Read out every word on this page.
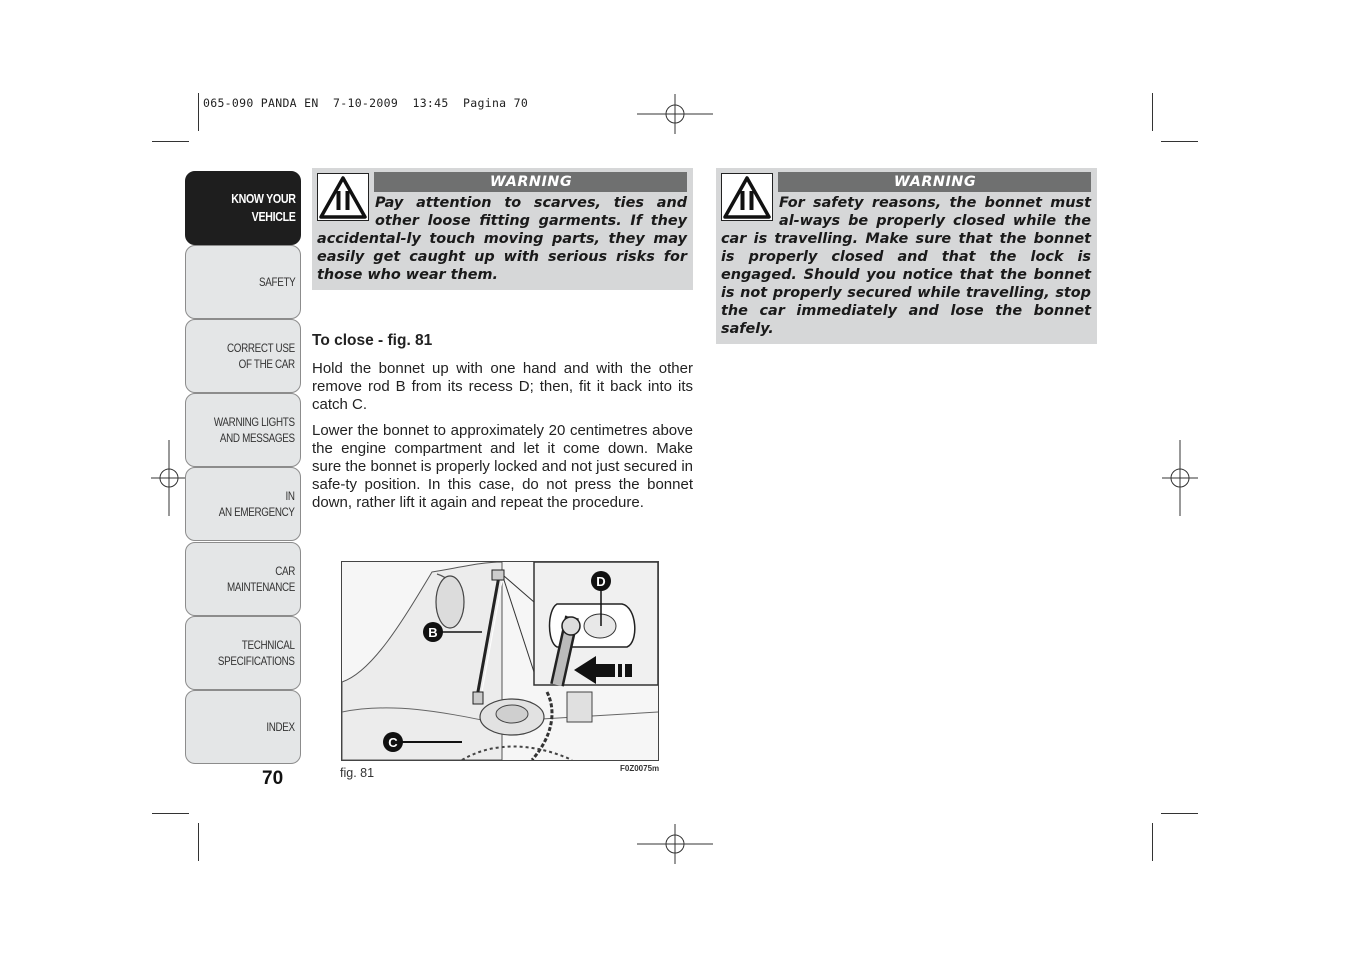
065-090 PANDA EN  7-10-2009  13:45  Pagina 70
KNOW YOUR
VEHICLE
SAFETY
CORRECT USE
OF THE CAR
WARNING LIGHTS
AND MESSAGES
IN
AN EMERGENCY
CAR
MAINTENANCE
TECHNICAL
SPECIFICATIONS
INDEX
70
WARNING
Pay attention to scarves, ties and other loose fitting garments. If they accidental-ly touch moving parts, they may easily get caught up with serious risks for those who wear them.
WARNING
For safety reasons, the bonnet must al-ways be properly closed while the car is travelling. Make sure that the bonnet is properly closed and that the lock is engaged. Should you notice that the bonnet is not properly secured while travelling, stop the car immediately and lose the bonnet safely.
To close - fig. 81

Hold the bonnet up with one hand and with the other remove rod B from its recess D; then, fit it back into its catch C.

Lower the bonnet to approximately 20 centimetres above the engine compartment and let it come down. Make sure the bonnet is properly locked and not just secured in safe-ty position. In this case, do not press the bonnet down, rather lift it again and repeat the procedure.

B
C
D
fig. 81	F0Z0075m
